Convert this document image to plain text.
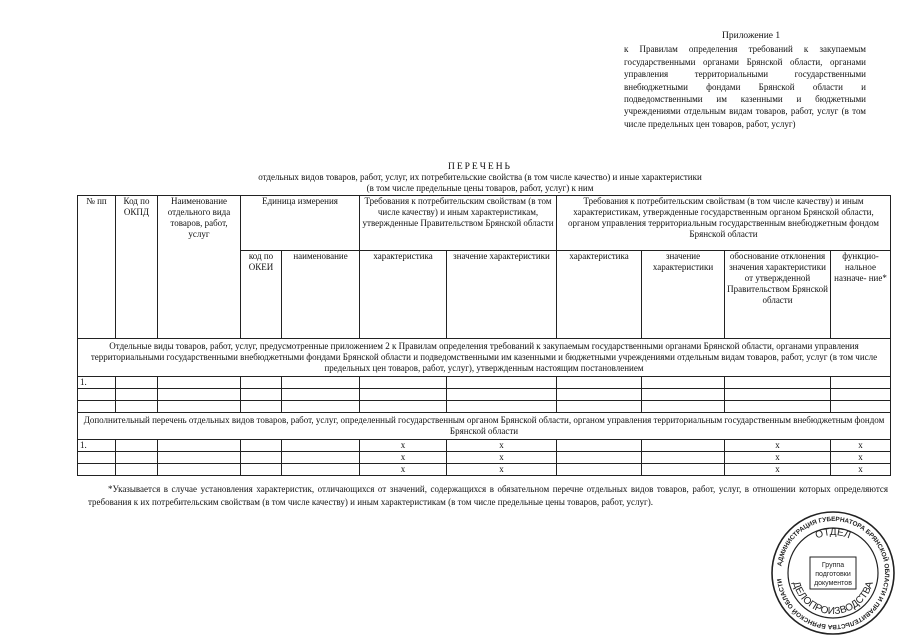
Приложение 1
к Правилам определения требований к закупаемым государственными органами Брянской области, органами управления территориальными государственными внебюджетными фондами Брянской области и подведомственными им казенными и бюджетными учреждениями отдельным видам товаров, работ, услуг (в том числе предельных цен товаров, работ, услуг)
ПЕРЕЧЕНЬ
отдельных видов товаров, работ, услуг, их потребительские свойства (в том числе качество) и иные характеристики
(в том числе предельные цены товаров, работ, услуг) к ним
№ пп	Код по ОКПД	Наименование отдельного вида товаров, работ, услуг	Единица измерения		Требования к потребительским свойствам (в том числе качеству) и иным характеристикам, утвержденные Правительством Брянской области		Требования к потребительским свойствам (в том числе качеству) и иным характеристикам, утвержденные государственным органом Брянской области, органом управления территориальным государственным внебюджетным фондом Брянской области			
			код по ОКЕИ	наименование	характеристика	значение характеристики	характеристика	значение характеристики	обоснование отклонения значения характеристики от утвержденной Правительством Брянской области	функцио- нальное назначе- ние*
Отдельные виды товаров, работ, услуг, предусмотренные приложением 2 к Правилам определения требований к закупаемым государственными органами Брянской области, органами управления территориальными государственными внебюджетными фондами Брянской области и подведомственными им казенными и бюджетными учреждениями отдельным видам товаров, работ, услуг (в том числе предельных цен товаров, работ, услуг), утвержденным настоящим постановлением										
1.										

Дополнительный перечень отдельных видов товаров, работ, услуг, определенный государственным органом Брянской области, органом управления территориальным государственным внебюджетным фондом Брянской области										
1.					x	x			x	x
					x	x			x	x
					x	x			x	x
*Указывается в случае установления характеристик, отличающихся от значений, содержащихся в обязательном перечне отдельных видов товаров, работ, услуг, в отношении которых определяются требования к их потребительским свойствам (в том числе качеству) и иным характеристикам (в том числе предельные цены товаров, работ, услуг).
АДМИНИСТРАЦИЯ ГУБЕРНАТОРА БРЯНСКОЙ ОБЛАСТИ И ПРАВИТЕЛЬСТВА БРЯНСКОЙ ОБЛАСТИ
ОТДЕЛ
ДЕЛОПРОИЗВОДСТВА
Группа
подготовки
документов
